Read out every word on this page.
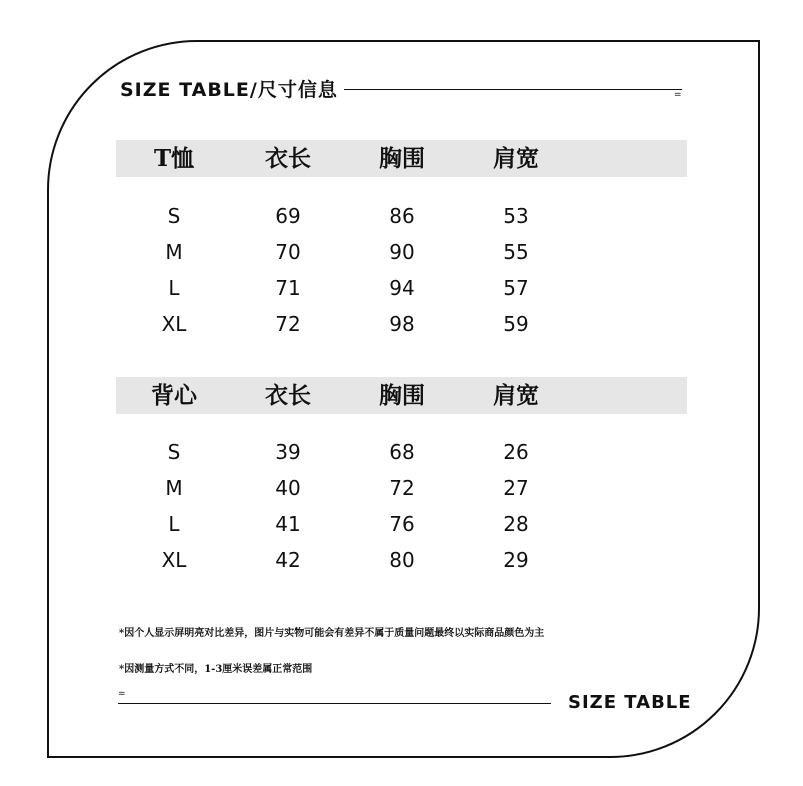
SIZE TABLE/尺寸信息	=
T恤	衣长	胸围	肩宽
S	69	86	53
M	70	90	55
L	71	94	57
XL	72	98	59
背心	衣长	胸围	肩宽
S	39	68	26
M	40	72	27
L	41	76	28
XL	42	80	29
*因个人显示屏明亮对比差异，图片与实物可能会有差异不属于质量问题最终以实际商品颜色为主
*因测量方式不同，1-3厘米误差属正常范围
=	SIZE TABLE
